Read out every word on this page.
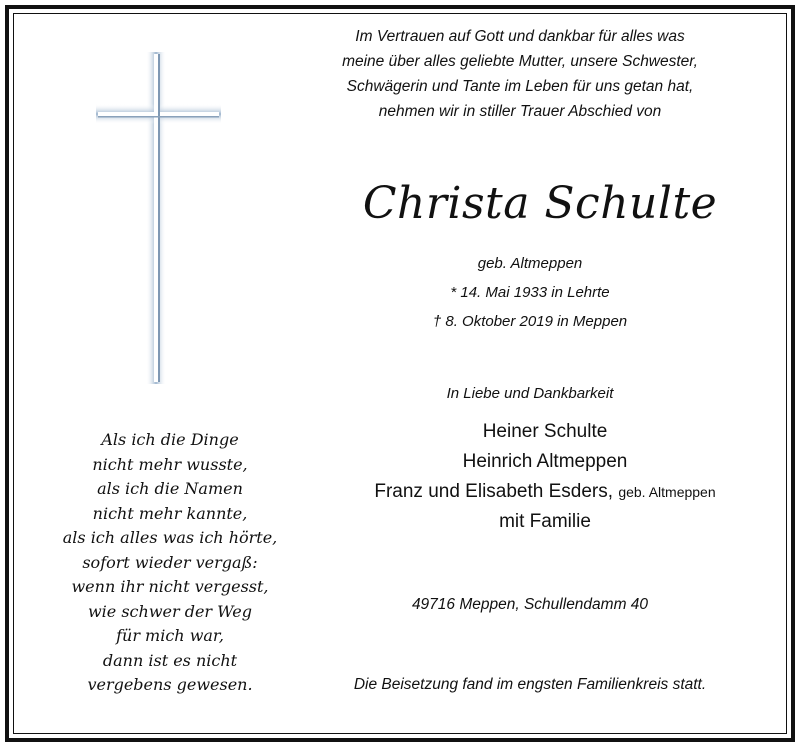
Im Vertrauen auf Gott und dankbar für alles was
meine über alles geliebte Mutter, unsere Schwester,
Schwägerin und Tante im Leben für uns getan hat,
nehmen wir in stiller Trauer Abschied von
Christa Schulte
geb. Altmeppen
* 14. Mai 1933 in Lehrte
† 8. Oktober 2019 in Meppen
In Liebe und Dankbarkeit
Heiner Schulte
Heinrich Altmeppen
Franz und Elisabeth Esders, geb. Altmeppen
mit Familie
49716 Meppen, Schullendamm 40
Die Beisetzung fand im engsten Familienkreis statt.
Als ich die Dinge
nicht mehr wusste,
als ich die Namen
nicht mehr kannte,
als ich alles was ich hörte,
sofort wieder vergaß:
wenn ihr nicht vergesst,
wie schwer der Weg
für mich war,
dann ist es nicht
vergebens gewesen.
